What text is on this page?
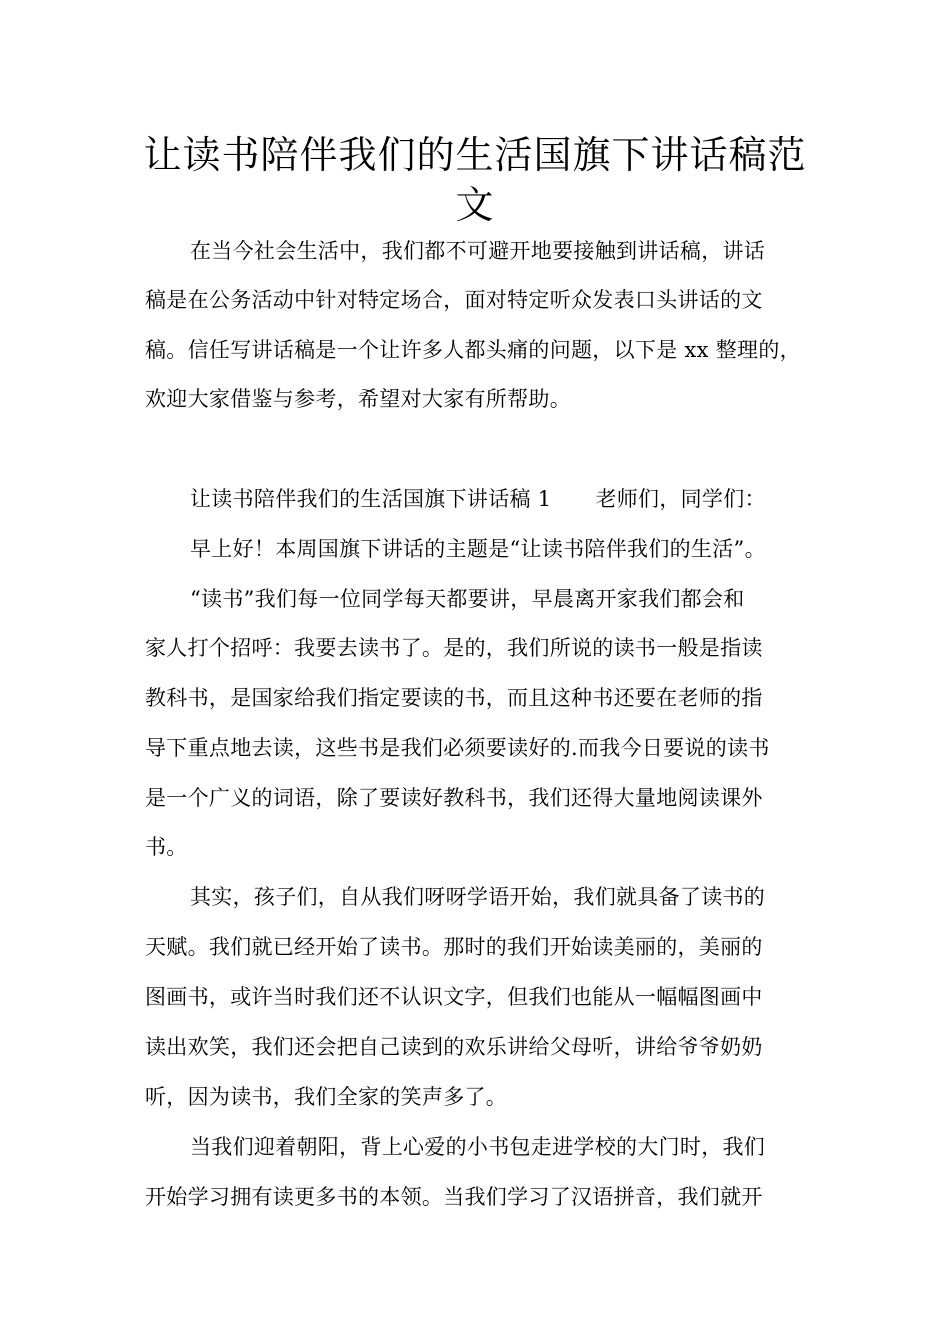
让读书陪伴我们的生活国旗下讲话稿范
文
在当今社会生活中，我们都不可避开地要接触到讲话稿，讲话
稿是在公务活动中针对特定场合，面对特定听众发表口头讲话的文
稿。信任写讲话稿是一个让许多人都头痛的问题，以下是 xx 整理的，
欢迎大家借鉴与参考，希望对大家有所帮助。
让读书陪伴我们的生活国旗下讲话稿 1 老师们，同学们：
早上好！本周国旗下讲话的主题是“让读书陪伴我们的生活”。
“读书”我们每一位同学每天都要讲，早晨离开家我们都会和
家人打个招呼：我要去读书了。是的，我们所说的读书一般是指读
教科书，是国家给我们指定要读的书，而且这种书还要在老师的指
导下重点地去读，这些书是我们必须要读好的.而我今日要说的读书
是一个广义的词语，除了要读好教科书，我们还得大量地阅读课外
书。
其实，孩子们，自从我们呀呀学语开始，我们就具备了读书的
天赋。我们就已经开始了读书。那时的我们开始读美丽的，美丽的
图画书，或许当时我们还不认识文字，但我们也能从一幅幅图画中
读出欢笑，我们还会把自己读到的欢乐讲给父母听，讲给爷爷奶奶
听，因为读书，我们全家的笑声多了。
当我们迎着朝阳，背上心爱的小书包走进学校的大门时，我们
开始学习拥有读更多书的本领。当我们学习了汉语拼音，我们就开
